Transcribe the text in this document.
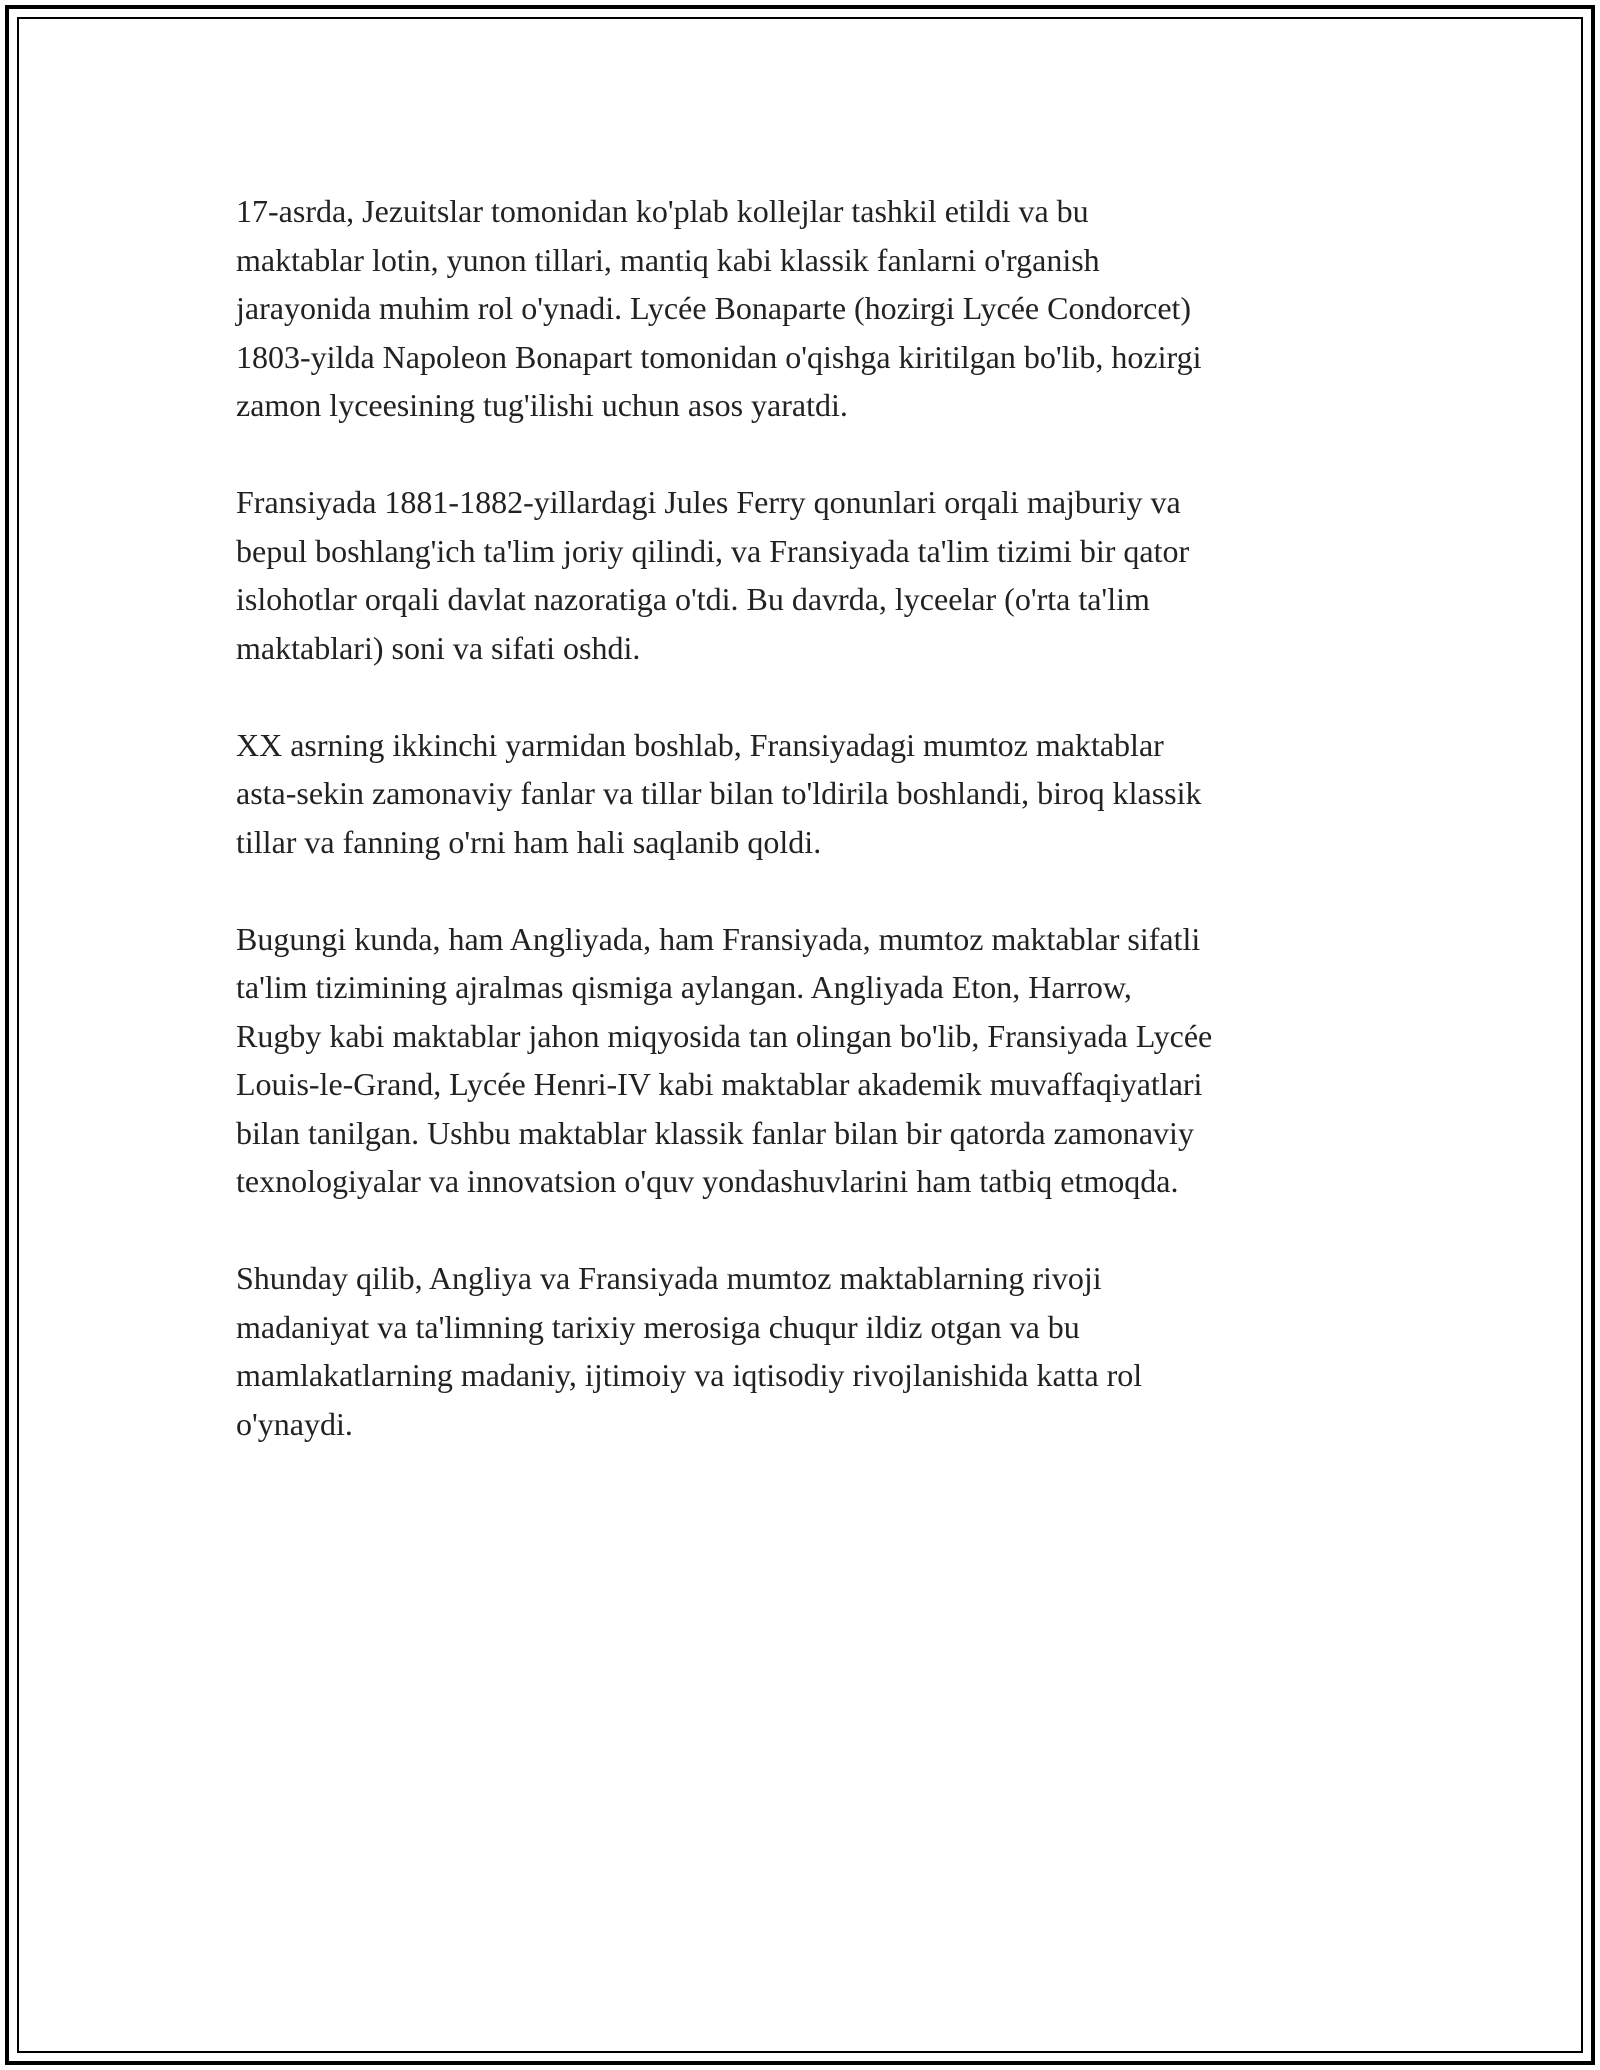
17-asrda, Jezuitslar tomonidan ko'plab kollejlar tashkil etildi va bu
maktablar lotin, yunon tillari, mantiq kabi klassik fanlarni o'rganish
jarayonida muhim rol o'ynadi. Lycée Bonaparte (hozirgi Lycée Condorcet)
1803-yilda Napoleon Bonapart tomonidan o'qishga kiritilgan bo'lib, hozirgi
zamon lyceesining tug'ilishi uchun asos yaratdi.

Fransiyada 1881-1882-yillardagi Jules Ferry qonunlari orqali majburiy va
bepul boshlang'ich ta'lim joriy qilindi, va Fransiyada ta'lim tizimi bir qator
islohotlar orqali davlat nazoratiga o'tdi. Bu davrda, lyceelar (o'rta ta'lim
maktablari) soni va sifati oshdi.

XX asrning ikkinchi yarmidan boshlab, Fransiyadagi mumtoz maktablar
asta-sekin zamonaviy fanlar va tillar bilan to'ldirila boshlandi, biroq klassik
tillar va fanning o'rni ham hali saqlanib qoldi.

Bugungi kunda, ham Angliyada, ham Fransiyada, mumtoz maktablar sifatli
ta'lim tizimining ajralmas qismiga aylangan. Angliyada Eton, Harrow,
Rugby kabi maktablar jahon miqyosida tan olingan bo'lib, Fransiyada Lycée
Louis-le-Grand, Lycée Henri-IV kabi maktablar akademik muvaffaqiyatlari
bilan tanilgan. Ushbu maktablar klassik fanlar bilan bir qatorda zamonaviy
texnologiyalar va innovatsion o'quv yondashuvlarini ham tatbiq etmoqda.

Shunday qilib, Angliya va Fransiyada mumtoz maktablarning rivoji
madaniyat va ta'limning tarixiy merosiga chuqur ildiz otgan va bu
mamlakatlarning madaniy, ijtimoiy va iqtisodiy rivojlanishida katta rol
o'ynaydi.
